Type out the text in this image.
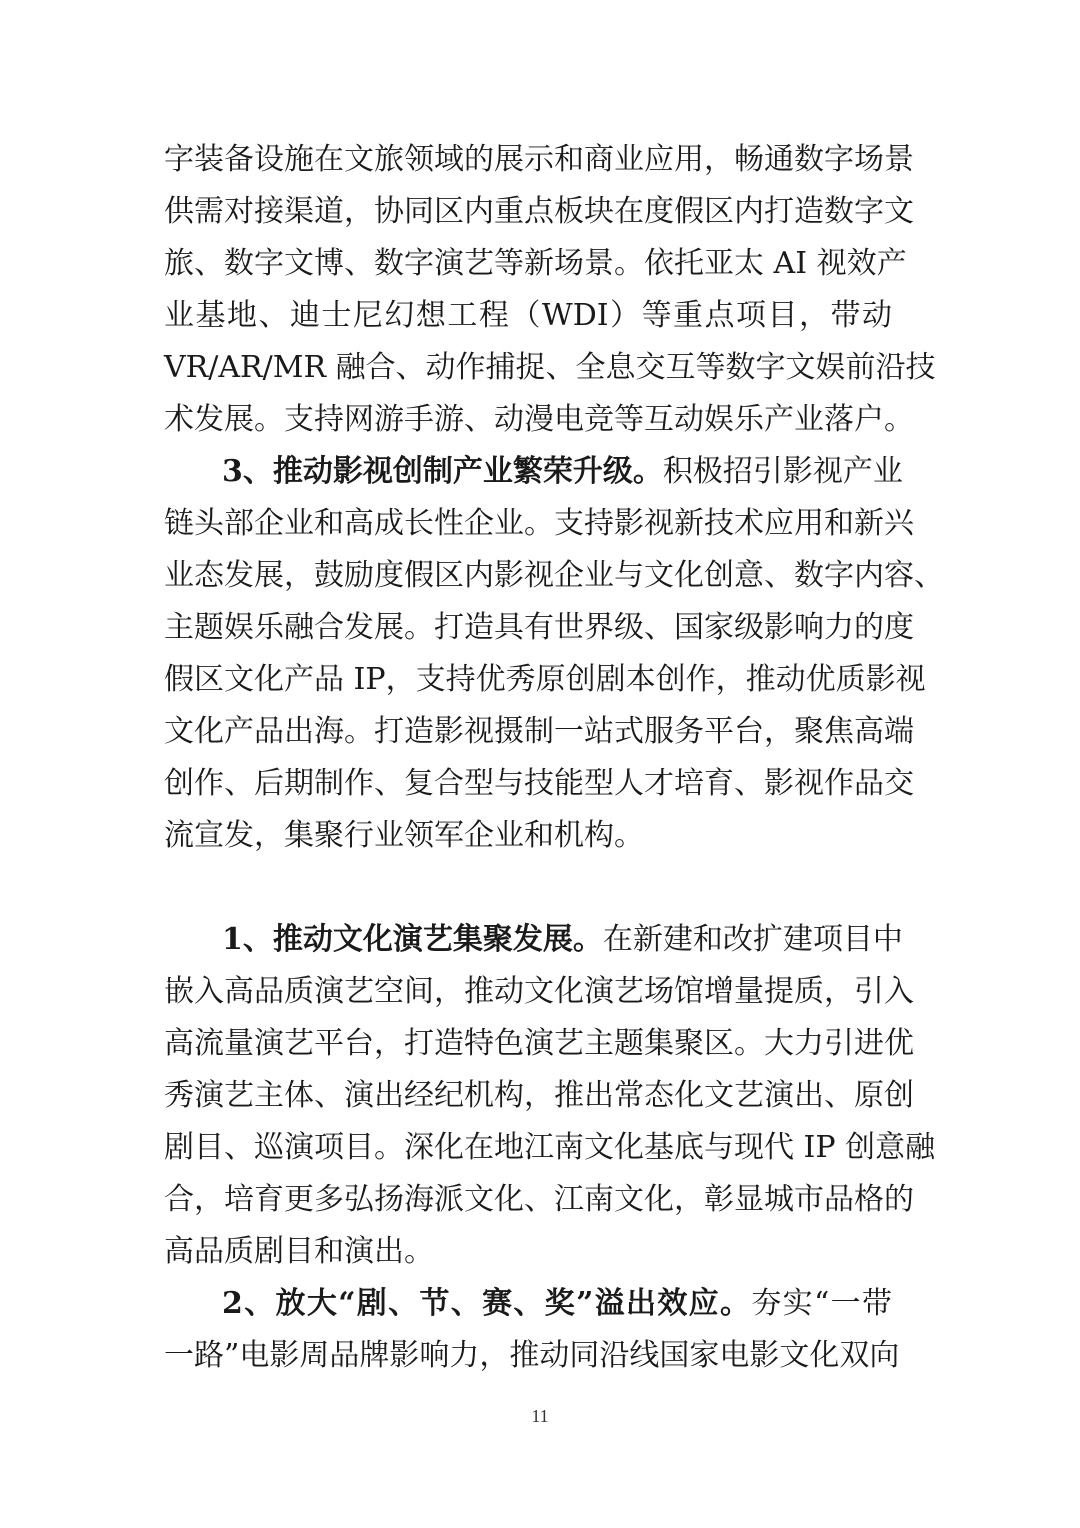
字装备设施在文旅领域的展示和商业应用，畅通数字场景
供需对接渠道，协同区内重点板块在度假区内打造数字文
旅、数字文博、数字演艺等新场景。依托亚太 AI 视效产
业基地、迪士尼幻想工程（WDI）等重点项目，带动
VR/AR/MR 融合、动作捕捉、全息交互等数字文娱前沿技
术发展。支持网游手游、动漫电竞等互动娱乐产业落户。
3、推动影视创制产业繁荣升级。积极招引影视产业
链头部企业和高成长性企业。支持影视新技术应用和新兴
业态发展，鼓励度假区内影视企业与文化创意、数字内容、
主题娱乐融合发展。打造具有世界级、国家级影响力的度
假区文化产品 IP，支持优秀原创剧本创作，推动优质影视
文化产品出海。打造影视摄制一站式服务平台，聚焦高端
创作、后期制作、复合型与技能型人才培育、影视作品交
流宣发，集聚行业领军企业和机构。
1、推动文化演艺集聚发展。在新建和改扩建项目中
嵌入高品质演艺空间，推动文化演艺场馆增量提质，引入
高流量演艺平台，打造特色演艺主题集聚区。大力引进优
秀演艺主体、演出经纪机构，推出常态化文艺演出、原创
剧目、巡演项目。深化在地江南文化基底与现代 IP 创意融
合，培育更多弘扬海派文化、江南文化，彰显城市品格的
高品质剧目和演出。
2、放大“剧、节、赛、奖”溢出效应。夯实“一带
一路”电影周品牌影响力，推动同沿线国家电影文化双向
11
